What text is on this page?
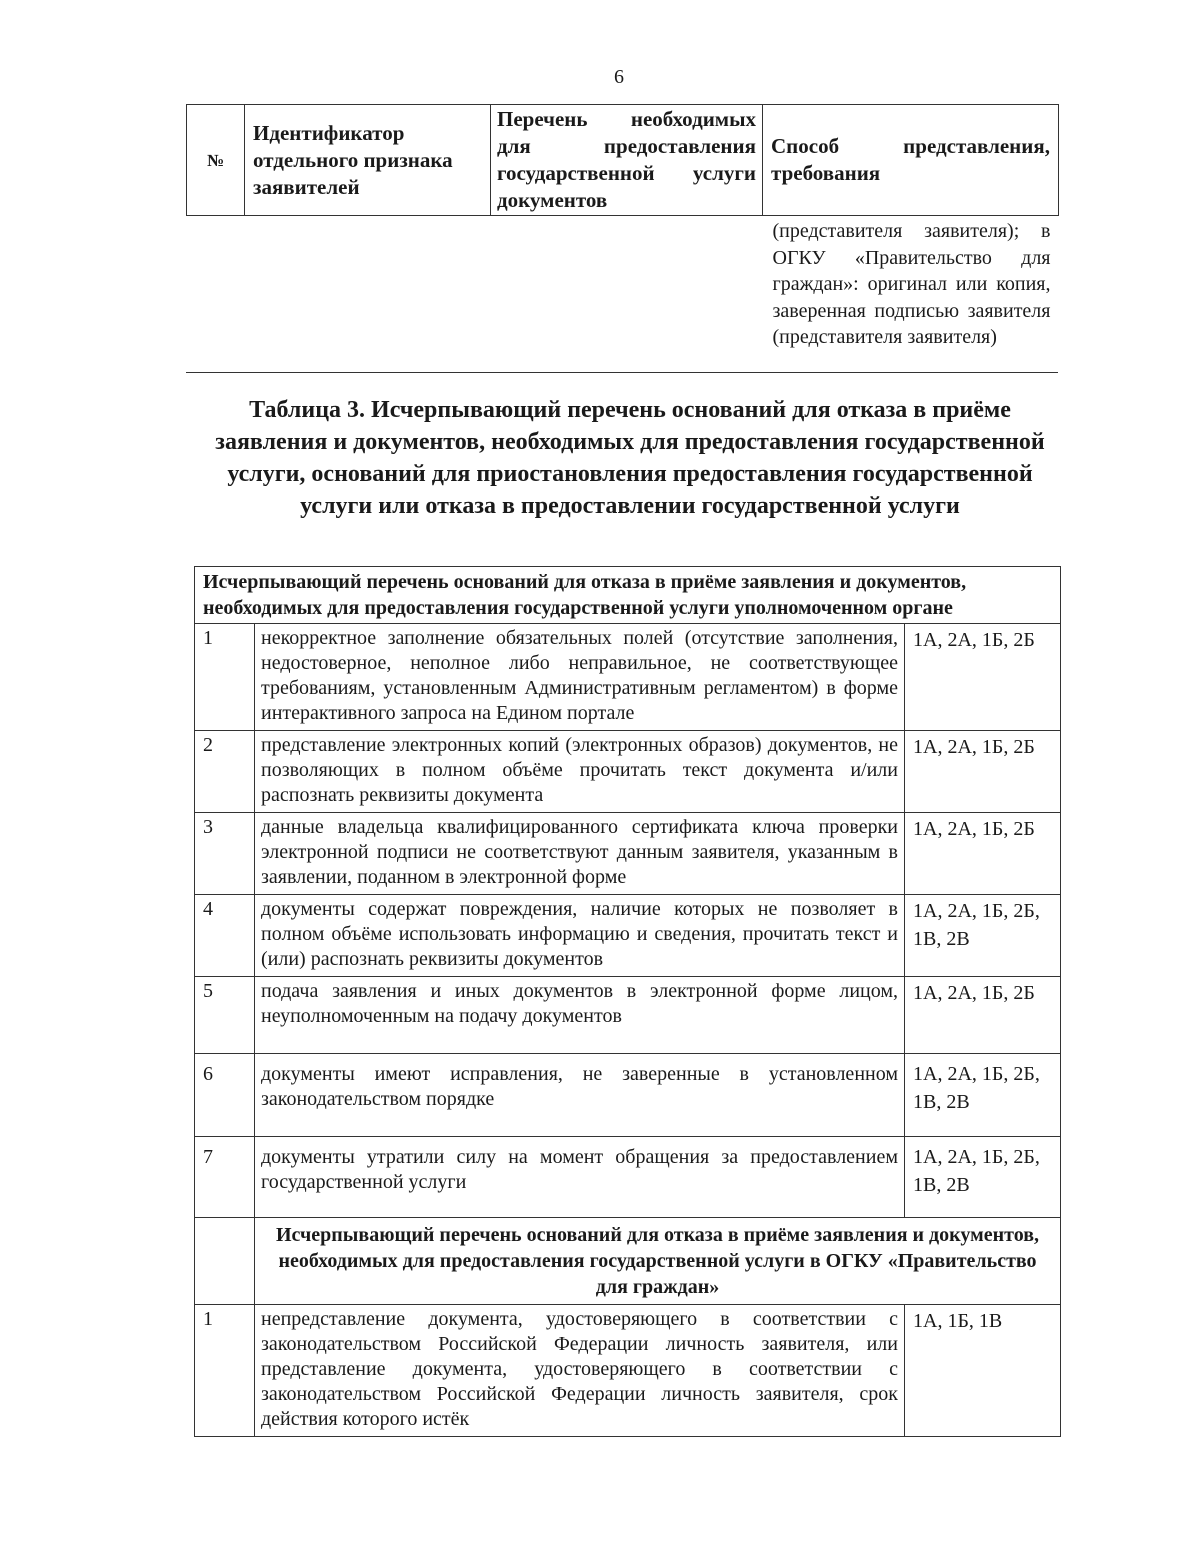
6
№	Идентификатор отдельного признака заявителей	Перечень необходимых для предоставления государственной услуги документов	Способ представления, требования
			(представителя заявителя); в ОГКУ «Правительство для граждан»: оригинал или копия, заверенная подписью заявителя (представителя заявителя)
Таблица 3. Исчерпывающий перечень оснований для отказа в приёме заявления и документов, необходимых для предоставления государственной услуги, оснований для приостановления предоставления государственной услуги или отказа в предоставлении государственной услуги
Исчерпывающий перечень оснований для отказа в приёме заявления и документов, необходимых для предоставления государственной услуги уполномоченном органе		
1	некорректное заполнение обязательных полей (отсутствие заполнения, недостоверное, неполное либо неправильное, не соответствующее требованиям, установленным Административным регламентом) в форме интерактивного запроса на Едином портале	1А, 2А, 1Б, 2Б
2	представление электронных копий (электронных образов) документов, не позволяющих в полном объёме прочитать текст документа и/или распознать реквизиты документа	1А, 2А, 1Б, 2Б
3	данные владельца квалифицированного сертификата ключа проверки электронной подписи не соответствуют данным заявителя, указанным в заявлении, поданном в электронной форме	1А, 2А, 1Б, 2Б
4	документы содержат повреждения, наличие которых не позволяет в полном объёме использовать информацию и сведения, прочитать текст и (или) распознать реквизиты документов	1А, 2А, 1Б, 2Б, 1В, 2В
5	подача заявления и иных документов в электронной форме лицом, неуполномоченным на подачу документов	1А, 2А, 1Б, 2Б
6	документы имеют исправления, не заверенные в установленном законодательством порядке	1А, 2А, 1Б, 2Б, 1В, 2В
7	документы утратили силу на момент обращения за предоставлением государственной услуги	1А, 2А, 1Б, 2Б, 1В, 2В
	Исчерпывающий перечень оснований для отказа в приёме заявления и документов, необходимых для предоставления государственной услуги в ОГКУ «Правительство для граждан»	
1	непредставление документа, удостоверяющего в соответствии с законодательством Российской Федерации личность заявителя, или представление документа, удостоверяющего в соответствии с законодательством Российской Федерации личность заявителя, срок действия которого истёк	1А, 1Б, 1В
